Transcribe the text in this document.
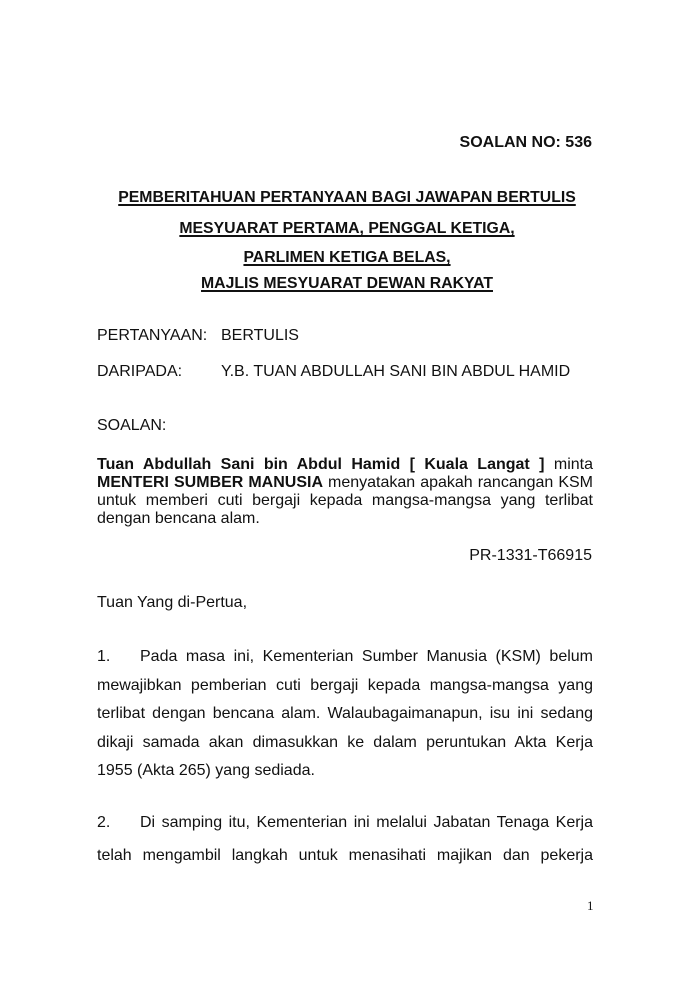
SOALAN NO: 536
PEMBERITAHUAN PERTANYAAN BAGI JAWAPAN BERTULIS
MESYUARAT PERTAMA, PENGGAL KETIGA,
PARLIMEN KETIGA BELAS,
MAJLIS MESYUARAT DEWAN RAKYAT
PERTANYAAN: BERTULIS
DARIPADA: Y.B. TUAN ABDULLAH SANI BIN ABDUL HAMID
SOALAN:
Tuan Abdullah Sani bin Abdul Hamid [ Kuala Langat ] minta
MENTERI SUMBER MANUSIA menyatakan apakah rancangan KSM
untuk memberi cuti bergaji kepada mangsa-mangsa yang terlibat
dengan bencana alam.
PR-1331-T66915
Tuan Yang di-Pertua,
1. Pada masa ini, Kementerian Sumber Manusia (KSM) belum
mewajibkan pemberian cuti bergaji kepada mangsa-mangsa yang
terlibat dengan bencana alam. Walaubagaimanapun, isu ini sedang
dikaji samada akan dimasukkan ke dalam peruntukan Akta Kerja
1955 (Akta 265) yang sediada.
2. Di samping itu, Kementerian ini melalui Jabatan Tenaga Kerja
telah mengambil langkah untuk menasihati majikan dan pekerja
1
